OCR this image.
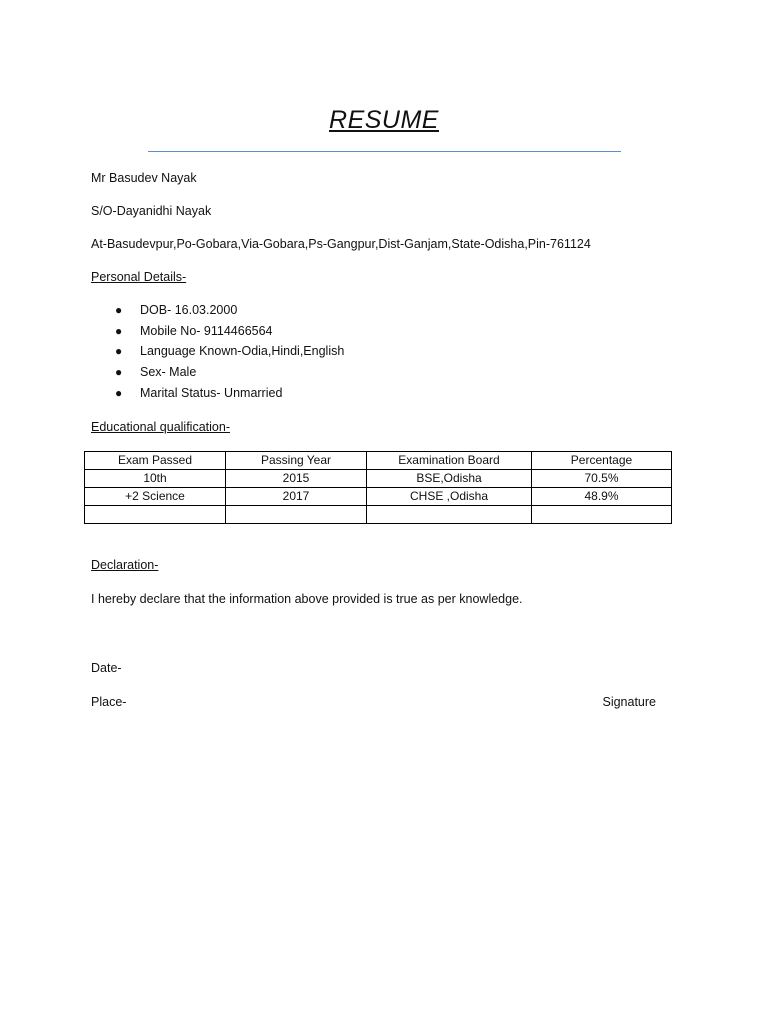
RESUME
Mr Basudev Nayak
S/O-Dayanidhi Nayak
At-Basudevpur,Po-Gobara,Via-Gobara,Ps-Gangpur,Dist-Ganjam,State-Odisha,Pin-761124
Personal Details-
● DOB- 16.03.2000
● Mobile No- 9114466564
● Language Known-Odia,Hindi,English
● Sex- Male
● Marital Status- Unmarried
Educational qualification-
Exam Passed	Passing Year	Examination Board	Percentage
10th	2015	BSE,Odisha	70.5%
+2 Science	2017	CHSE ,Odisha	48.9%

Declaration-
I hereby declare that the information above provided is true as per knowledge.
Date-
Place-	Signature
